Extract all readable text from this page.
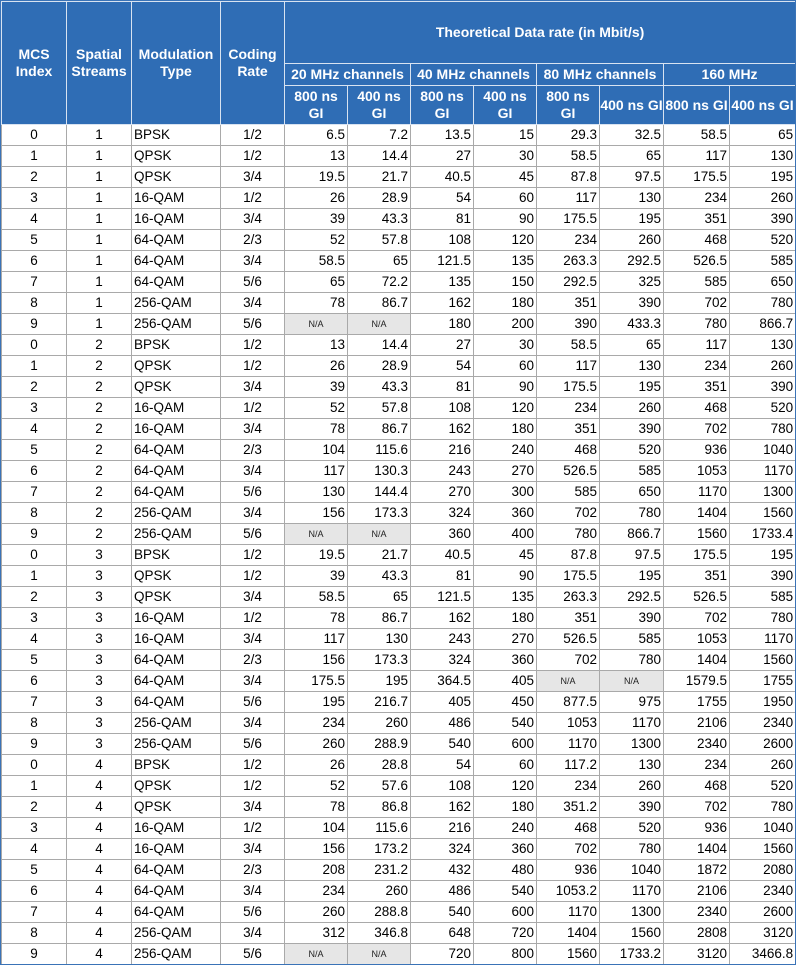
MCS Index	Spatial Streams	Modulation Type	Coding Rate	Theoretical Data rate (in Mbit/s)							
				20 MHz channels		40 MHz channels		80 MHz channels		160 MHz	
				800 ns GI	400 ns GI	800 ns GI	400 ns GI	800 ns GI	400 ns GI	800 ns GI	400 ns GI
0	1	BPSK	1/2	6.5	7.2	13.5	15	29.3	32.5	58.5	65
1	1	QPSK	1/2	13	14.4	27	30	58.5	65	117	130
2	1	QPSK	3/4	19.5	21.7	40.5	45	87.8	97.5	175.5	195
3	1	16-QAM	1/2	26	28.9	54	60	117	130	234	260
4	1	16-QAM	3/4	39	43.3	81	90	175.5	195	351	390
5	1	64-QAM	2/3	52	57.8	108	120	234	260	468	520
6	1	64-QAM	3/4	58.5	65	121.5	135	263.3	292.5	526.5	585
7	1	64-QAM	5/6	65	72.2	135	150	292.5	325	585	650
8	1	256-QAM	3/4	78	86.7	162	180	351	390	702	780
9	1	256-QAM	5/6	N/A	N/A	180	200	390	433.3	780	866.7
0	2	BPSK	1/2	13	14.4	27	30	58.5	65	117	130
1	2	QPSK	1/2	26	28.9	54	60	117	130	234	260
2	2	QPSK	3/4	39	43.3	81	90	175.5	195	351	390
3	2	16-QAM	1/2	52	57.8	108	120	234	260	468	520
4	2	16-QAM	3/4	78	86.7	162	180	351	390	702	780
5	2	64-QAM	2/3	104	115.6	216	240	468	520	936	1040
6	2	64-QAM	3/4	117	130.3	243	270	526.5	585	1053	1170
7	2	64-QAM	5/6	130	144.4	270	300	585	650	1170	1300
8	2	256-QAM	3/4	156	173.3	324	360	702	780	1404	1560
9	2	256-QAM	5/6	N/A	N/A	360	400	780	866.7	1560	1733.4
0	3	BPSK	1/2	19.5	21.7	40.5	45	87.8	97.5	175.5	195
1	3	QPSK	1/2	39	43.3	81	90	175.5	195	351	390
2	3	QPSK	3/4	58.5	65	121.5	135	263.3	292.5	526.5	585
3	3	16-QAM	1/2	78	86.7	162	180	351	390	702	780
4	3	16-QAM	3/4	117	130	243	270	526.5	585	1053	1170
5	3	64-QAM	2/3	156	173.3	324	360	702	780	1404	1560
6	3	64-QAM	3/4	175.5	195	364.5	405	N/A	N/A	1579.5	1755
7	3	64-QAM	5/6	195	216.7	405	450	877.5	975	1755	1950
8	3	256-QAM	3/4	234	260	486	540	1053	1170	2106	2340
9	3	256-QAM	5/6	260	288.9	540	600	1170	1300	2340	2600
0	4	BPSK	1/2	26	28.8	54	60	117.2	130	234	260
1	4	QPSK	1/2	52	57.6	108	120	234	260	468	520
2	4	QPSK	3/4	78	86.8	162	180	351.2	390	702	780
3	4	16-QAM	1/2	104	115.6	216	240	468	520	936	1040
4	4	16-QAM	3/4	156	173.2	324	360	702	780	1404	1560
5	4	64-QAM	2/3	208	231.2	432	480	936	1040	1872	2080
6	4	64-QAM	3/4	234	260	486	540	1053.2	1170	2106	2340
7	4	64-QAM	5/6	260	288.8	540	600	1170	1300	2340	2600
8	4	256-QAM	3/4	312	346.8	648	720	1404	1560	2808	3120
9	4	256-QAM	5/6	N/A	N/A	720	800	1560	1733.2	3120	3466.8
